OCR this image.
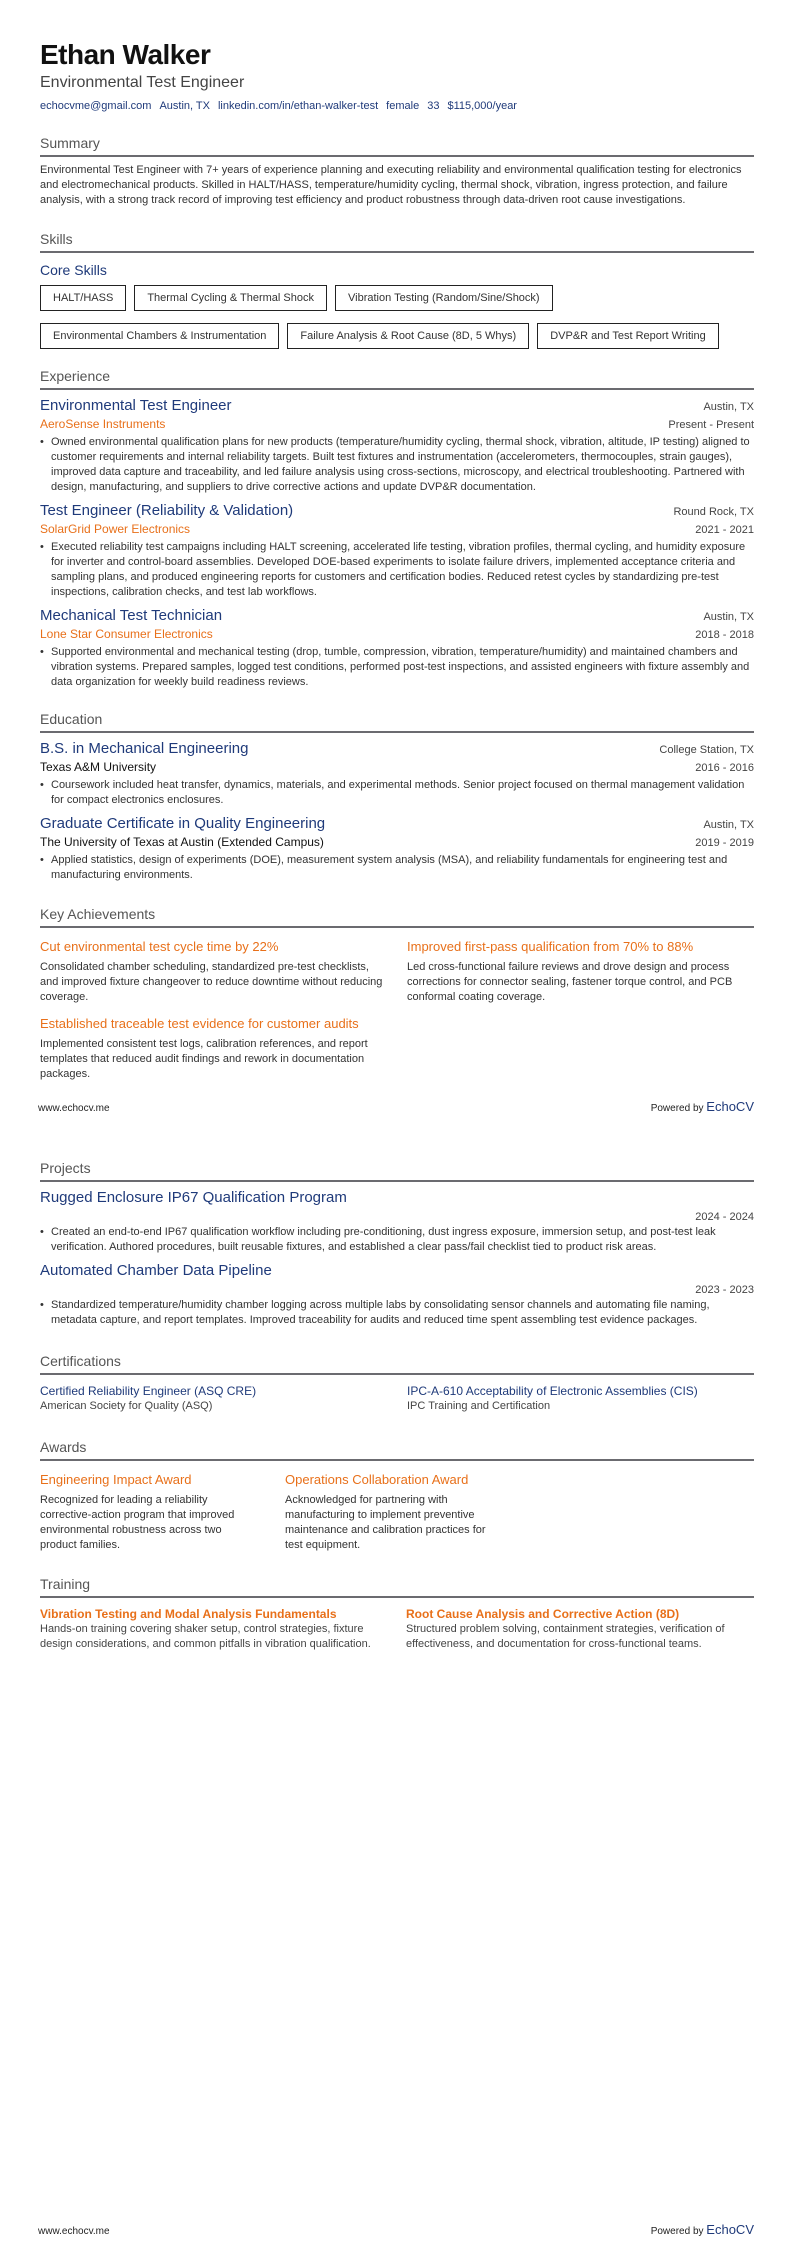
Ethan Walker
Environmental Test Engineer
echocvme@gmail.com Austin, TX linkedin.com/in/ethan-walker-test female 33 $115,000/year
Summary
Environmental Test Engineer with 7+ years of experience planning and executing reliability and environmental qualification testing for electronics and electromechanical products. Skilled in HALT/HASS, temperature/humidity cycling, thermal shock, vibration, ingress protection, and failure analysis, with a strong track record of improving test efficiency and product robustness through data-driven root cause investigations.
Skills
Core Skills
HALT/HASS	Thermal Cycling & Thermal Shock	Vibration Testing (Random/Sine/Shock)
Environmental Chambers & Instrumentation	Failure Analysis & Root Cause (8D, 5 Whys)	DVP&R and Test Report Writing
Experience
Environmental Test Engineer	Austin, TX
AeroSense Instruments	Present - Present
• Owned environmental qualification plans for new products (temperature/humidity cycling, thermal shock, vibration, altitude, IP testing) aligned to customer requirements and internal reliability targets. Built test fixtures and instrumentation (accelerometers, thermocouples, strain gauges), improved data capture and traceability, and led failure analysis using cross-sections, microscopy, and electrical troubleshooting. Partnered with design, manufacturing, and suppliers to drive corrective actions and update DVP&R documentation.
Test Engineer (Reliability & Validation)	Round Rock, TX
SolarGrid Power Electronics	2021 - 2021
• Executed reliability test campaigns including HALT screening, accelerated life testing, vibration profiles, thermal cycling, and humidity exposure for inverter and control-board assemblies. Developed DOE-based experiments to isolate failure drivers, implemented acceptance criteria and sampling plans, and produced engineering reports for customers and certification bodies. Reduced retest cycles by standardizing pre-test inspections, calibration checks, and test lab workflows.
Mechanical Test Technician	Austin, TX
Lone Star Consumer Electronics	2018 - 2018
• Supported environmental and mechanical testing (drop, tumble, compression, vibration, temperature/humidity) and maintained chambers and vibration systems. Prepared samples, logged test conditions, performed post-test inspections, and assisted engineers with fixture assembly and data organization for weekly build readiness reviews.
Education
B.S. in Mechanical Engineering	College Station, TX
Texas A&M University	2016 - 2016
• Coursework included heat transfer, dynamics, materials, and experimental methods. Senior project focused on thermal management validation for compact electronics enclosures.
Graduate Certificate in Quality Engineering	Austin, TX
The University of Texas at Austin (Extended Campus)	2019 - 2019
• Applied statistics, design of experiments (DOE), measurement system analysis (MSA), and reliability fundamentals for engineering test and manufacturing environments.
Key Achievements
Cut environmental test cycle time by 22%
Consolidated chamber scheduling, standardized pre-test checklists, and improved fixture changeover to reduce downtime without reducing coverage.
Improved first-pass qualification from 70% to 88%
Led cross-functional failure reviews and drove design and process corrections for connector sealing, fastener torque control, and PCB conformal coating coverage.
Established traceable test evidence for customer audits
Implemented consistent test logs, calibration references, and report templates that reduced audit findings and rework in documentation packages.
www.echocv.me	Powered by EchoCV
Projects
Rugged Enclosure IP67 Qualification Program
2024 - 2024
• Created an end-to-end IP67 qualification workflow including pre-conditioning, dust ingress exposure, immersion setup, and post-test leak verification. Authored procedures, built reusable fixtures, and established a clear pass/fail checklist tied to product risk areas.
Automated Chamber Data Pipeline
2023 - 2023
• Standardized temperature/humidity chamber logging across multiple labs by consolidating sensor channels and automating file naming, metadata capture, and report templates. Improved traceability for audits and reduced time spent assembling test evidence packages.
Certifications
Certified Reliability Engineer (ASQ CRE)
American Society for Quality (ASQ)
IPC-A-610 Acceptability of Electronic Assemblies (CIS)
IPC Training and Certification
Awards
Engineering Impact Award
Recognized for leading a reliability corrective-action program that improved environmental robustness across two product families.
Operations Collaboration Award
Acknowledged for partnering with manufacturing to implement preventive maintenance and calibration practices for test equipment.
Training
Vibration Testing and Modal Analysis Fundamentals
Hands-on training covering shaker setup, control strategies, fixture design considerations, and common pitfalls in vibration qualification.
Root Cause Analysis and Corrective Action (8D)
Structured problem solving, containment strategies, verification of effectiveness, and documentation for cross-functional teams.
www.echocv.me	Powered by EchoCV
